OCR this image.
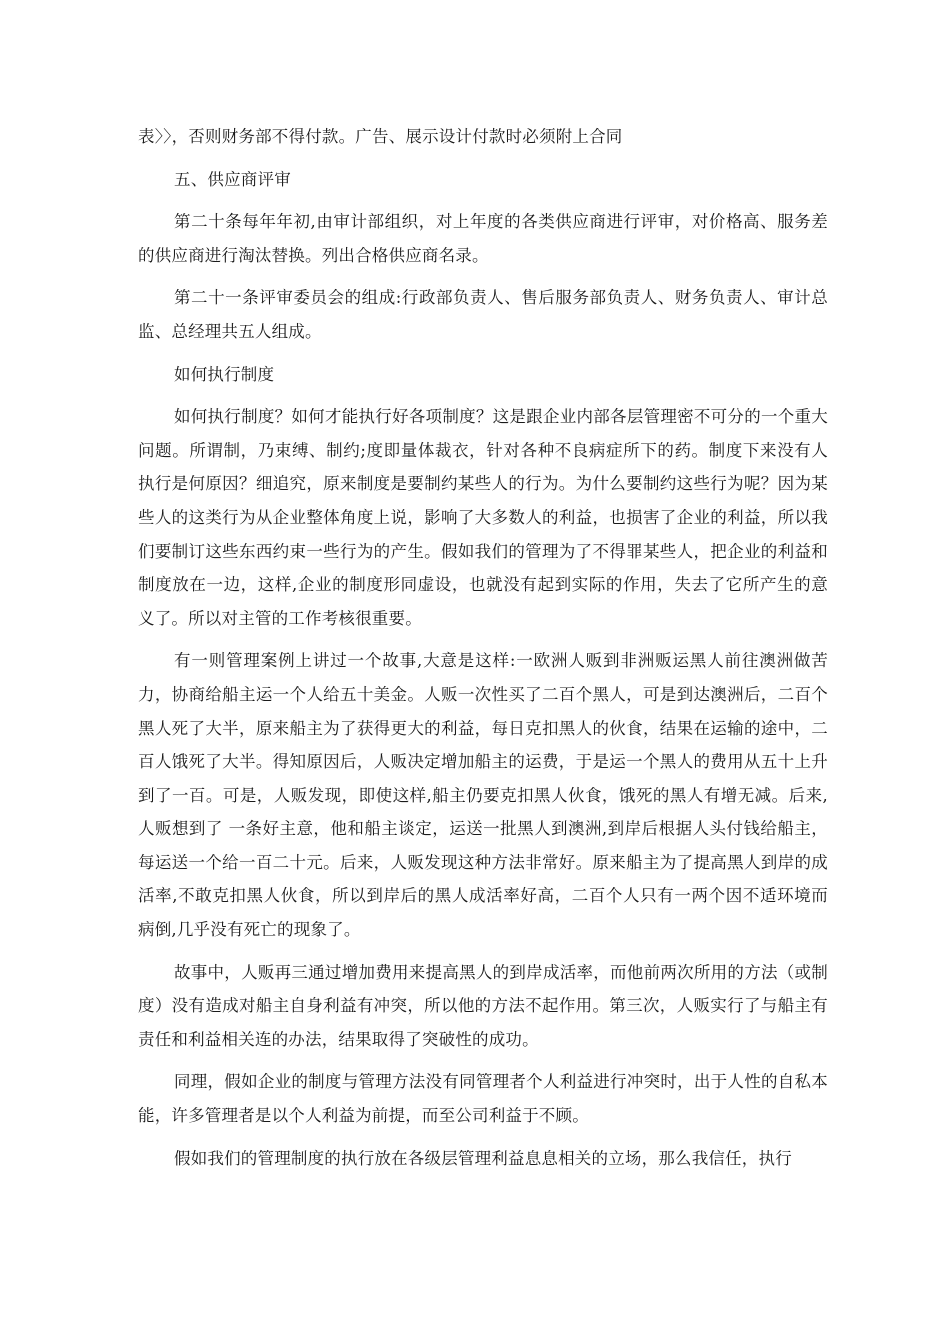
表〉〉，否则财务部不得付款。广告、展示设计付款时必须附上合同

五、供应商评审

第二十条每年年初,由审计部组织，对上年度的各类供应商进行评审，对价格高、服务差的供应商进行淘汰替换。列出合格供应商名录。

第二十一条评审委员会的组成:行政部负责人、售后服务部负责人、财务负责人、审计总监、总经理共五人组成。

如何执行制度

如何执行制度？如何才能执行好各项制度？这是跟企业内部各层管理密不可分的一个重大问题。所谓制，乃束缚、制约;度即量体裁衣，针对各种不良病症所下的药。制度下来没有人执行是何原因？细追究，原来制度是要制约某些人的行为。为什么要制约这些行为呢？因为某些人的这类行为从企业整体角度上说，影响了大多数人的利益，也损害了企业的利益，所以我们要制订这些东西约束一些行为的产生。假如我们的管理为了不得罪某些人，把企业的利益和制度放在一边，这样,企业的制度形同虚设，也就没有起到实际的作用，失去了它所产生的意义了。所以对主管的工作考核很重要。

有一则管理案例上讲过一个故事,大意是这样:一欧洲人贩到非洲贩运黑人前往澳洲做苦力，协商给船主运一个人给五十美金。人贩一次性买了二百个黑人，可是到达澳洲后，二百个黑人死了大半，原来船主为了获得更大的利益，每日克扣黑人的伙食，结果在运输的途中，二百人饿死了大半。得知原因后，人贩决定增加船主的运费，于是运一个黑人的费用从五十上升到了一百。可是，人贩发现，即使这样,船主仍要克扣黑人伙食，饿死的黑人有增无减。后来,人贩想到了 一条好主意，他和船主谈定，运送一批黑人到澳洲,到岸后根据人头付钱给船主，每运送一个给一百二十元。后来，人贩发现这种方法非常好。原来船主为了提高黑人到岸的成活率,不敢克扣黑人伙食，所以到岸后的黑人成活率好高，二百个人只有一两个因不适环境而病倒,几乎没有死亡的现象了。

故事中，人贩再三通过增加费用来提高黑人的到岸成活率，而他前两次所用的方法（或制度）没有造成对船主自身利益有冲突，所以他的方法不起作用。第三次，人贩实行了与船主有责任和利益相关连的办法，结果取得了突破性的成功。

同理，假如企业的制度与管理方法没有同管理者个人利益进行冲突时，出于人性的自私本能，许多管理者是以个人利益为前提，而至公司利益于不顾。

假如我们的管理制度的执行放在各级层管理利益息息相关的立场，那么我信任，执行
